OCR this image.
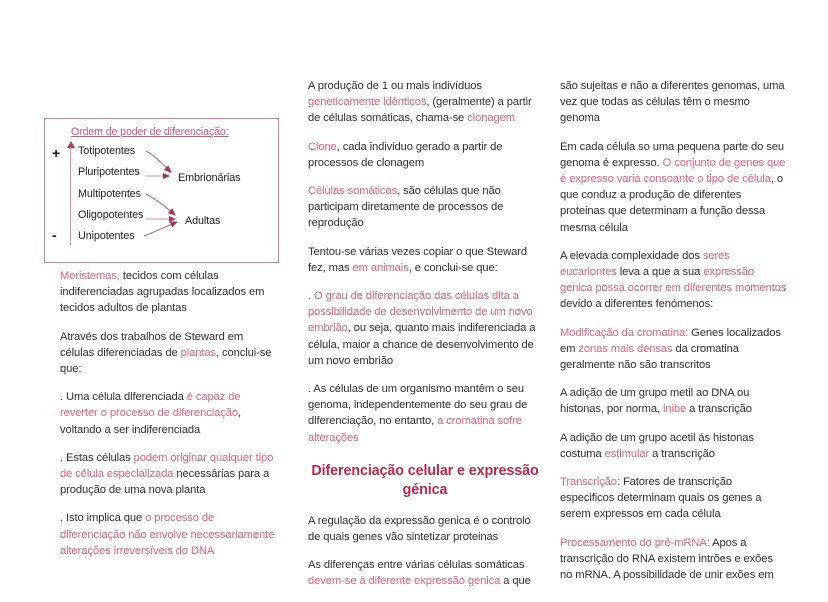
Meristemas, tecidos com células indiferenciadas agrupadas localizados em tecidos adultos de plantas

Através dos trabalhos de Steward em células diferenciadas de plantas, conclui-se que:

. Uma célula diferenciada é capaz de reverter o processo de diferenciação, voltando a ser indiferenciada

. Estas células podem originar qualquer tipo de célula especializada necessárias para a produção de uma nova planta

. Isto implica que o processo de diferenciação não envolve necessariamente alterações irreversíveis do DNA

A produção de 1 ou mais indivíduos geneticamente idênticos, (geralmente) a partir de células somáticas, chama-se clonagem

Clone, cada individuo gerado a partir de processos de clonagem

Células somáticas, são células que não participam diretamente de processos de reprodução

Tentou-se várias vezes copiar o que Steward fez, mas em animais, e conclui-se que:

. O grau de diferenciação das células dita a possibilidade de desenvolvimento de um novo embrião, ou seja, quanto mais indiferenciada a célula, maior a chance de desenvolvimento de um novo embrião

. As células de um organismo mantêm o seu genoma, independentemente do seu grau de diferenciação, no entanto, a cromatina sofre alterações

Diferenciação celular e expressão génica

A regulação da expressão genica é o controlo de quais genes vão sintetizar proteinas

As diferenças entre várias células somáticas devem-se à diferente expressão genica a que

são sujeitas e não a diferentes genomas, uma vez que todas as células têm o mesmo genoma

Em cada célula so uma pequena parte do seu genoma é expresso. O conjunto de genes que é expresso varia consoante o tipo de célula, o que conduz a produção de diferentes proteinas que determinam a função dessa mesma célula

A elevada complexidade dos seres eucariontes leva a que a sua expressão genica possa ocorrer em diferentes momentos devido a diferentes fenómenos:

Modificação da cromatina: Genes localizados em zonas mais densas da cromatina geralmente não são transcritos

A adição de um grupo metil ao DNA ou histonas, por norma, inibe a transcrição

A adição de um grupo acetil ás histonas costuma estimular a transcrição

Transcrição: Fatores de transcrição especificos determinam quais os genes a serem expressos em cada célula

Processamento do pré-mRNA: Apos a transcrição do RNA existem intrões e exões no mRNA. A possibilidade de unir exões em

Ordem de poder de diferenciação:
+
-
Totipotentes
Pluripotentes
Multipotentes
Oligopotentes
Unipotentes
Embrionárias
Adultas
